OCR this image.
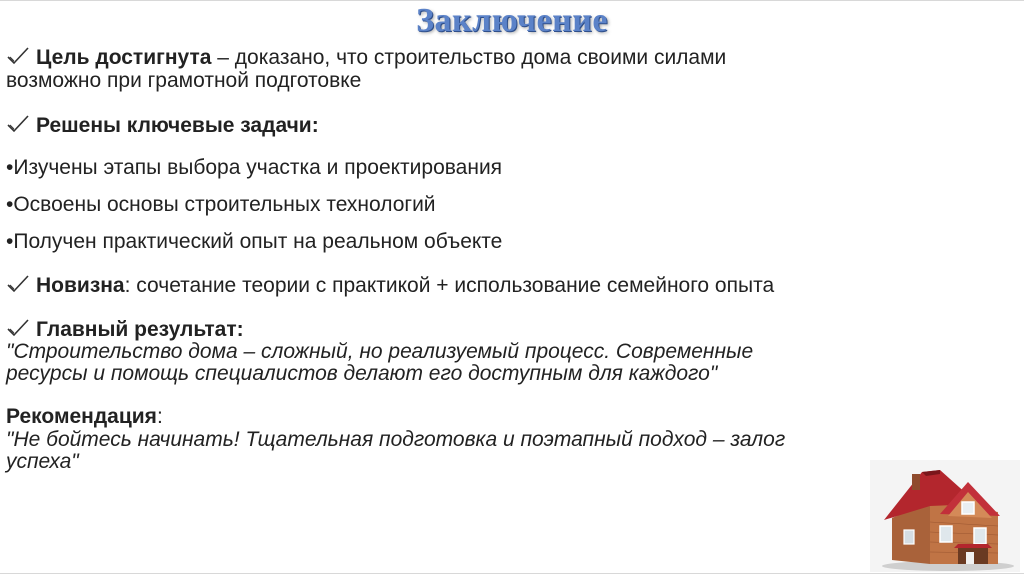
Заключение
Цель достигнута – доказано, что строительство дома своими силами
возможно при грамотной подготовке
Решены ключевые задачи:
•Изучены этапы выбора участка и проектирования
•Освоены основы строительных технологий
•Получен практический опыт на реальном объекте
Новизна: сочетание теории с практикой + использование семейного опыта
Главный результат:
"Строительство дома – сложный, но реализуемый процесс. Современные
ресурсы и помощь специалистов делают его доступным для каждого"
Рекомендация:
"Не бойтесь начинать! Тщательная подготовка и поэтапный подход – залог
успеха"
